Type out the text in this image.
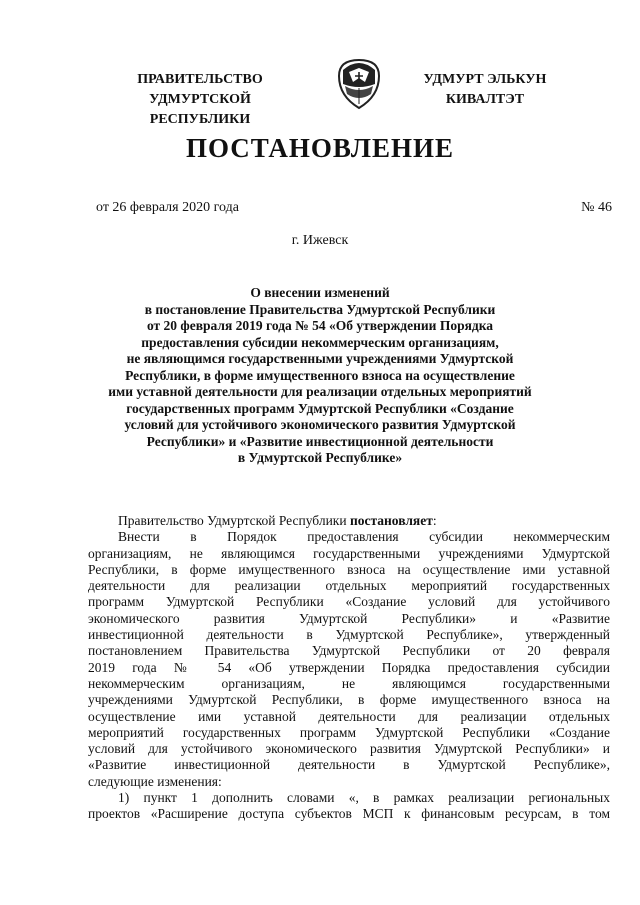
ПРАВИТЕЛЬСТВО
УДМУРТСКОЙ РЕСПУБЛИКИ
УДМУРТ ЭЛЬКУН
КИВАЛТЭТ
ПОСТАНОВЛЕНИЕ
от 26 февраля 2020 года	№ 46
г. Ижевск
О внесении изменений
в постановление Правительства Удмуртской Республики
от 20 февраля 2019 года № 54 «Об утверждении Порядка
предоставления субсидии некоммерческим организациям,
не являющимся государственными учреждениями Удмуртской
Республики, в форме имущественного взноса на осуществление
ими уставной деятельности для реализации отдельных мероприятий
государственных программ Удмуртской Республики «Создание
условий для устойчивого экономического развития Удмуртской
Республики» и «Развитие инвестиционной деятельности
в Удмуртской Республике»
Правительство Удмуртской Республики постановляет:
Внести в Порядок предоставления субсидии некоммерческим
организациям, не являющимся государственными учреждениями Удмуртской
Республики, в форме имущественного взноса на осуществление ими уставной
деятельности для реализации отдельных мероприятий государственных
программ Удмуртской Республики «Создание условий для устойчивого
экономического развития Удмуртской Республики» и «Развитие
инвестиционной деятельности в Удмуртской Республике», утвержденный
постановлением Правительства Удмуртской Республики от 20 февраля
2019 года № 54 «Об утверждении Порядка предоставления субсидии
некоммерческим организациям, не являющимся государственными
учреждениями Удмуртской Республики, в форме имущественного взноса на
осуществление ими уставной деятельности для реализации отдельных
мероприятий государственных программ Удмуртской Республики «Создание
условий для устойчивого экономического развития Удмуртской Республики» и
«Развитие инвестиционной деятельности в Удмуртской Республике»,
следующие изменения:
1) пункт 1 дополнить словами «, в рамках реализации региональных
проектов «Расширение доступа субъектов МСП к финансовым ресурсам, в том
